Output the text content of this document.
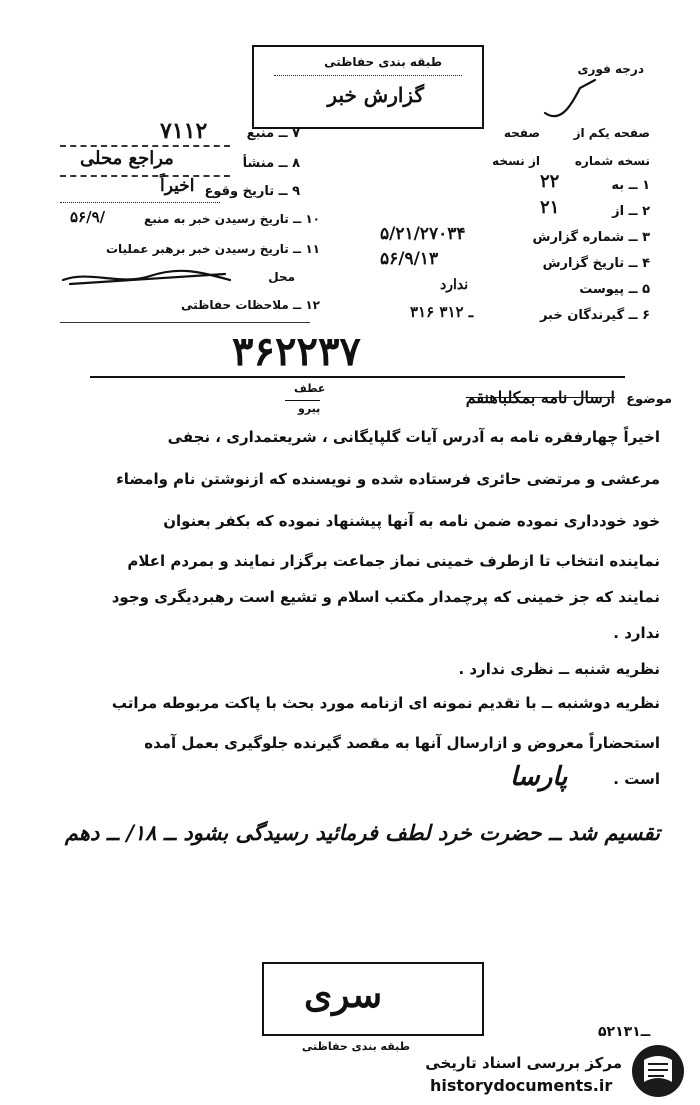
طبقه بندی حفاظتی
گزارش خبر
درجه فوری
۷ ــ منبع
۷۱۱۲
۸ ــ منشأ
مراجع محلی
۹ ــ تاریخ وقوع
اخیراً
۱۰ ــ تاریخ رسیدن خبر به منبع
۵۶/۹/
۱۱ ــ تاریخ رسیدن خبر برهبر عملیات
محل
۱۲ ــ ملاحظات حفاظتی
صفحه یکم از
صفحه
نسخه شماره
از نسخه
۱ ــ به
۲۲
۲ ــ از
۲۱
۳ ــ شماره گزارش
۵/۲۱/۲۷۰۳۴
۴ ــ تاریخ گزارش
۵۶/۹/۱۳
۵ ــ پیوست
ندارد
۶ ــ گیرندگان خبر
۳۱۶ ـ ۳۱۲
۳۶۲۲۳۷
عطف
پیرو
موضوع
ارسال نامه بمکلباهنقم
اخیراً چهارفقره نامه به آدرس آیات گلپایگانی ، شریعتمداری ، نجفی
مرعشی و مرتضی حائری فرستاده شده و نویسنده که ازنوشتن نام وامضاء
خود خودداری نموده ضمن نامه به آنها پیشنهاد نموده که بکفر بعنوان
نماینده انتخاب تا ازطرف خمینی نماز جماعت برگزار نمایند و بمردم اعلام
نمایند که جز خمینی که پرچمدار مکتب اسلام و تشیع است رهبردیگری وجود
ندارد .
نظریه شنبه ــ نظری ندارد .
نظریه دوشنبه ــ با تقدیم نمونه ای ازنامه مورد بحث با پاکت مربوطه مراتب
استحضاراً معروض و ازارسال آنها به مقصد گیرنده جلوگیری بعمل آمده
است .
پارسا
تقسیم شد ــ حضرت خرد لطف فرمائید رسیدگی بشود ــ ۱۸/ ــ دهم
سری
طبقه بندی حفاظتی
۵۲ــ۱۳۱
مرکز بررسی اسناد تاریخی
historydocuments.ir
